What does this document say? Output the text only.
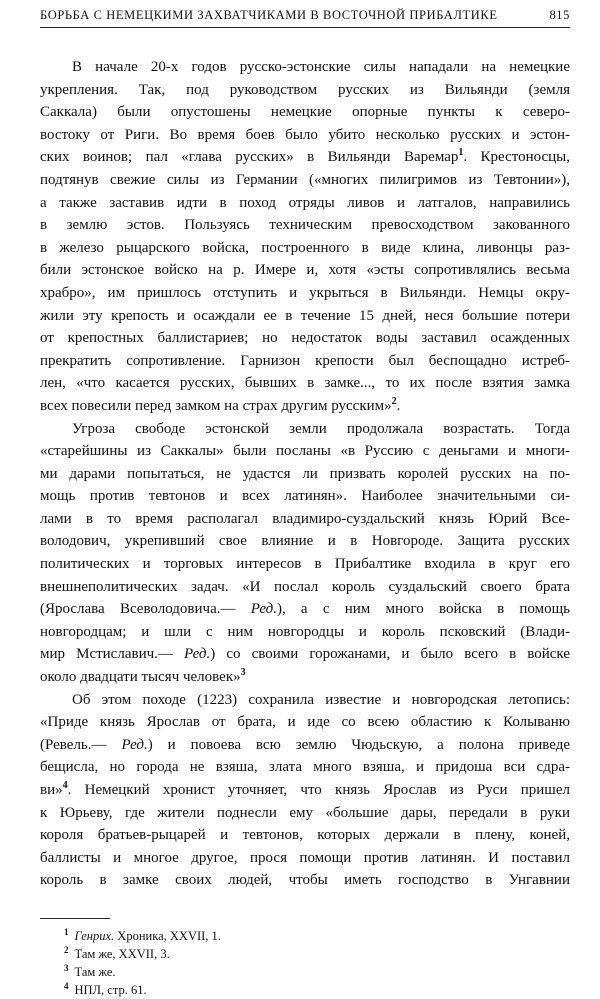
БОРЬБА С НЕМЕЦКИМИ ЗАХВАТЧИКАМИ В ВОСТОЧНОЙ ПРИБАЛТИКЕ	815

В начале 20-х годов русско-эстонские силы нападали на немецкие
укрепления. Так, под руководством русских из Вильянди (земля
Саккала) были опустошены немецкие опорные пункты к северо-
востоку от Риги. Во время боев было убито несколько русских и эстон-
ских воинов; пал «глава русских» в Вильянди Варемар$^1$. Крестоносцы,
подтянув свежие силы из Германии («многих пилигримов из Тевтонии»),
а также заставив идти в поход отряды ливов и латгалов, направились
в землю эстов. Пользуясь техническим превосходством закованного
в железо рыцарского войска, построенного в виде клина, ливонцы раз-
били эстонское войско на р. Имере и, хотя «эсты сопротивлялись весьма
храбро», им пришлось отступить и укрыться в Вильянди. Немцы окру-
жили эту крепость и осаждали ее в течение 15 дней, неся большие потери
от крепостных баллистариев; но недостаток воды заставил осажденных
прекратить сопротивление. Гарнизон крепости был беспощадно истреб-
лен, «что касается русских, бывших в замке..., то их после взятия замка
всех повесили перед замком на страх другим русским»$^2$.

Угроза свободе эстонской земли продолжала возрастать. Тогда
«старейшины из Саккалы» были посланы «в Руссию с деньгами и многи-
ми дарами попытаться, не удастся ли призвать королей русских на по-
мощь против тевтонов и всех латинян». Наиболее значительными си-
лами в то время располагал владимиро-суздальский князь Юрий Все-
володович, укрепивший свое влияние и в Новгороде. Защита русских
политических и торговых интересов в Прибалтике входила в круг его
внешнеполитических задач. «И послал король суздальский своего брата
(Ярослава Всеволодовича.— Ред.), а с ним много войска в помощь
новгородцам; и шли с ним новгородцы и король псковский (Влади-
мир Мстиславич.— Ред.) со своими горожанами, и было всего в войске
около двадцати тысяч человек»$^3$

Об этом походе (1223) сохранила известие и новгородская летопись:
«Приде князь Ярослав от брата, и иде со всею областию к Колываню
(Ревель.— Ред.) и повоева всю землю Чюдьскую, а полона приведе
бещисла, но города не взяша, злата много взяша, и придоша вси сдра-
ви»$^4$. Немецкий хронист уточняет, что князь Ярослав из Руси пришел
к Юрьеву, где жители поднесли ему «большие дары, передали в руки
короля братьев-рыцарей и тевтонов, которых держали в плену, коней,
баллисты и многое другое, прося помощи против латинян. И поставил
король в замке своих людей, чтобы иметь господство в Унгавнии

$^1$ Генрих. Хроника, XXVII, 1.
$^2$ Там же, XXVII, 3.
$^3$ Там же.
$^4$ НПЛ, стр. 61.
